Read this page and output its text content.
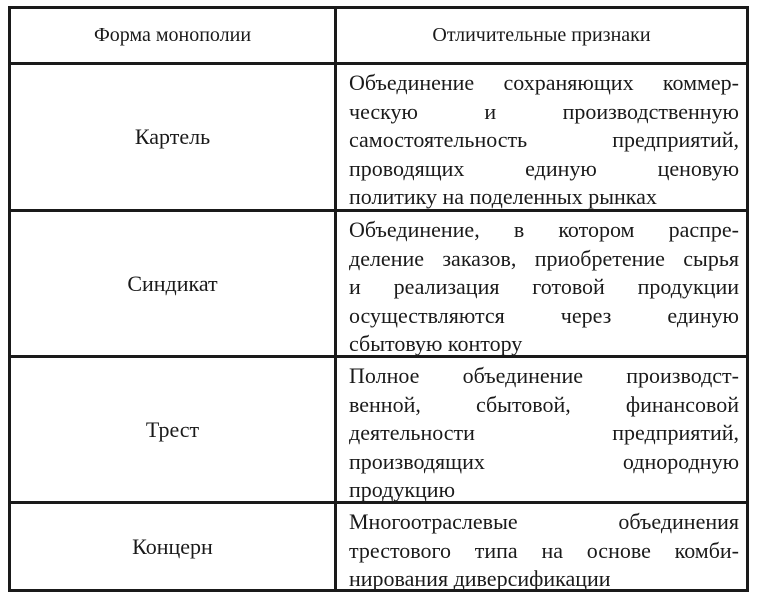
Форма монополии	Отличительные признаки
Картель
Объединение сохраняющих коммер-
ческую и производственную
самостоятельность предприятий,
проводящих единую ценовую
политику на поделенных рынках
Синдикат
Объединение, в котором распре-
деление заказов, приобретение сырья
и реализация готовой продукции
осуществляются через единую
сбытовую контору
Трест
Полное объединение производст-
венной, сбытовой, финансовой
деятельности предприятий,
производящих однородную
продукцию
Концерн
Многоотраслевые объединения
трестового типа на основе комби-
нирования диверсификации
